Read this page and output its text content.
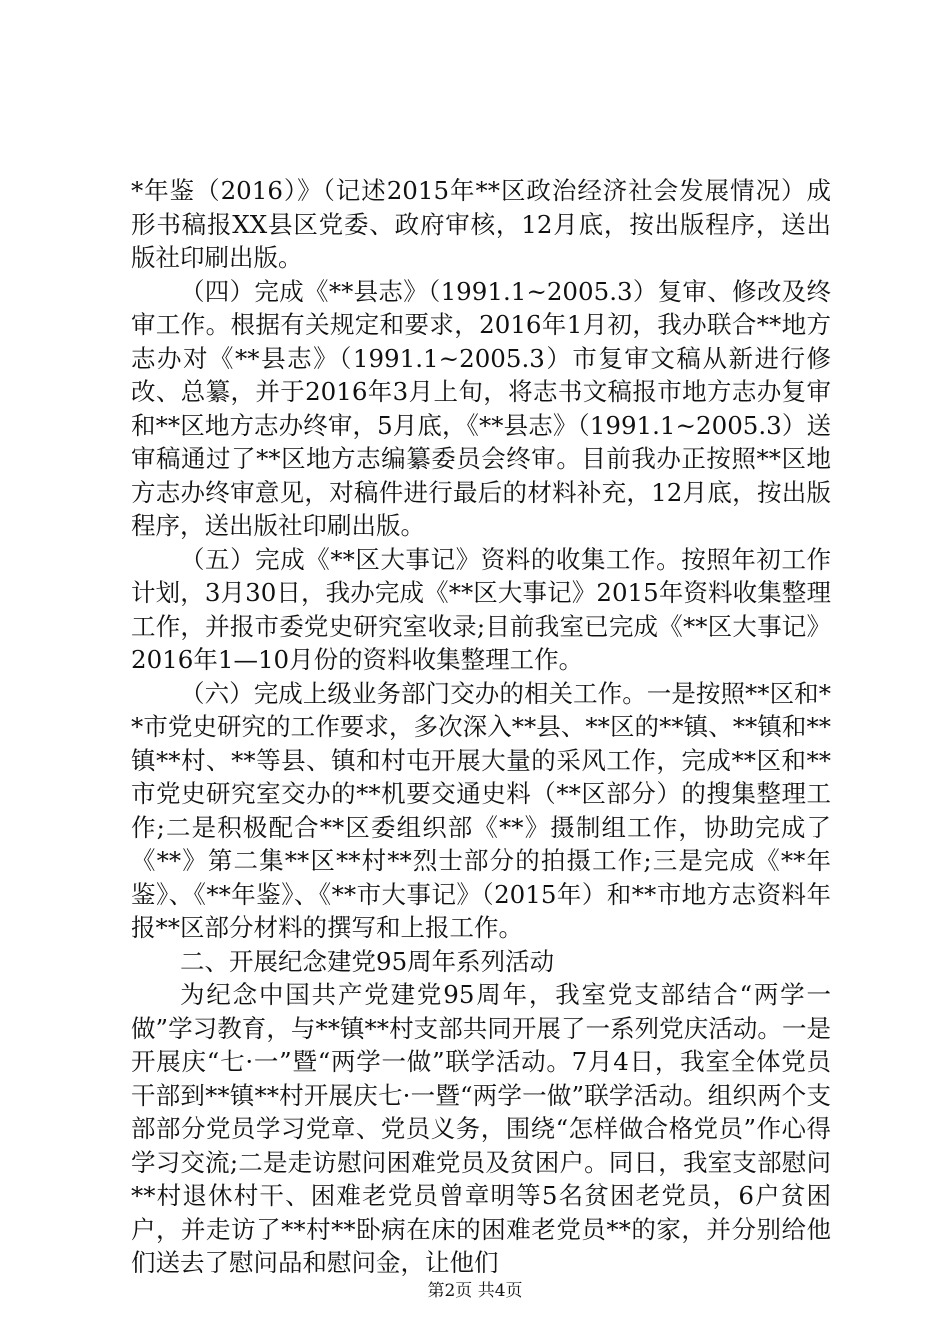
*年鉴（2016）》（记述2015年**区政治经济社会发展情况）成形书稿报XX县区党委、政府审核，12月底，按出版程序，送出版社印刷出版。

（四）完成《**县志》（1991.1~2005.3）复审、修改及终审工作。根据有关规定和要求，2016年1月初，我办联合**地方志办对《**县志》（1991.1~2005.3）市复审文稿从新进行修改、总纂，并于2016年3月上旬，将志书文稿报市地方志办复审和**区地方志办终审，5月底，《**县志》（1991.1~2005.3）送审稿通过了**区地方志编纂委员会终审。目前我办正按照**区地方志办终审意见，对稿件进行最后的材料补充，12月底，按出版程序，送出版社印刷出版。

（五）完成《**区大事记》资料的收集工作。按照年初工作计划，3月30日，我办完成《**区大事记》2015年资料收集整理工作，并报市委党史研究室收录;目前我室已完成《**区大事记》2016年1—10月份的资料收集整理工作。

（六）完成上级业务部门交办的相关工作。一是按照**区和**市党史研究的工作要求，多次深入**县、**区的**镇、**镇和**镇**村、**等县、镇和村屯开展大量的采风工作，完成**区和**市党史研究室交办的**机要交通史料（**区部分）的搜集整理工作;二是积极配合**区委组织部《**》摄制组工作，协助完成了《**》第二集**区**村**烈士部分的拍摄工作;三是完成《**年鉴》、《**年鉴》、《**市大事记》（2015年）和**市地方志资料年报**区部分材料的撰写和上报工作。

二、开展纪念建党95周年系列活动

为纪念中国共产党建党95周年，我室党支部结合“两学一做”学习教育，与**镇**村支部共同开展了一系列党庆活动。一是开展庆“七·一”暨“两学一做”联学活动。7月4日，我室全体党员干部到**镇**村开展庆七·一暨“两学一做”联学活动。组织两个支部部分党员学习党章、党员义务，围绕“怎样做合格党员”作心得学习交流;二是走访慰问困难党员及贫困户。同日，我室支部慰问**村退休村干、困难老党员曾章明等5名贫困老党员，6户贫困户，并走访了**村**卧病在床的困难老党员**的家，并分别给他们送去了慰问品和慰问金，让他们

第2页 共4页
